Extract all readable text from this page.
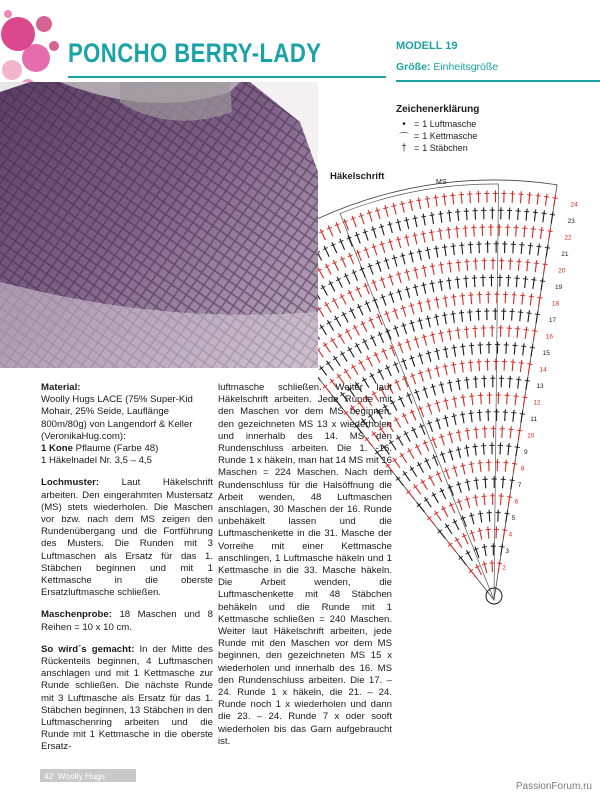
PONCHO BERRY-LADY	MODELL 19
Größe: Einheitsgröße
Zeichenerklärung
• = 1 Luftmasche
⌒ = 1 Kettmasche
† = 1 Stäbchen
Häkelschrift
2
3
4
5
6
7
8
9
10
11
12
13
14
15
16
17
18
19
20
21
22
23
24
MS

Material:

Woolly Hugs LACE (75% Super-Kid Mohair, 25% Seide, Lauflänge 800m/80g) von Langendorf & Keller (VeronikaHug.com):

1 Kone Pflaume (Farbe 48)

1 Häkelnadel Nr. 3,5 – 4,5

Lochmuster: Laut Häkelschrift arbeiten. Den eingerahmten Mustersatz (MS) stets wiederholen. Die Maschen vor bzw. nach dem MS zeigen den Rundenübergang und die Fortführung des Musters. Die Runden mit 3 Luftmaschen als Ersatz für das 1. Stäbchen beginnen und mit 1 Kettmasche in die oberste Ersatzluftmasche schließen.

Maschenprobe: 18 Maschen und 8 Reihen = 10 x 10 cm.

So wird´s gemacht: In der Mitte des Rückenteils beginnen, 4 Luftmaschen anschlagen und mit 1 Kettmasche zur Runde schließen. Die nächste Runde mit 3 Luftmasche als Ersatz für das 1. Stäbchen beginnen, 13 Stäbchen in den Luftmaschenring arbeiten und die Runde mit 1 Kettmasche in die oberste Ersatz-

luftmasche schließen. Weiter laut Häkelschrift arbeiten. Jede Runde mit den Maschen vor dem MS beginnen, den gezeichneten MS 13 x wiederholen und innerhalb des 14. MS den Rundenschluss arbeiten. Die 1. -16. Runde 1 x häkeln, man hat 14 MS mit 16 Maschen = 224 Maschen. Nach dem Rundenschluss für die Halsöffnung die Arbeit wenden, 48 Luftmaschen anschlagen, 30 Maschen der 16. Runde unbehäkelt lassen und die Luftmaschenkette in die 31. Masche der Vorreihe mit einer Kettmasche anschlingen, 1 Luftmasche häkeln und 1 Kettmasche in die 33. Masche häkeln. Die Arbeit wenden, die Luftmaschenkette mit 48 Stäbchen behäkeln und die Runde mit 1 Kettmasche schließen = 240 Maschen. Weiter laut Häkelschrift arbeiten, jede Runde mit den Maschen vor dem MS beginnen, den gezeichneten MS 15 x wiederholen und innerhalb des 16. MS den Rundenschluss arbeiten. Die 17. – 24. Runde 1 x häkeln, die 21. – 24. Runde noch 1 x wiederholen und dann die 23. – 24. Runde 7 x oder sooft wiederholen bis das Garn aufgebraucht ist.

42 Woolly Hugs
PassionForum.ru
